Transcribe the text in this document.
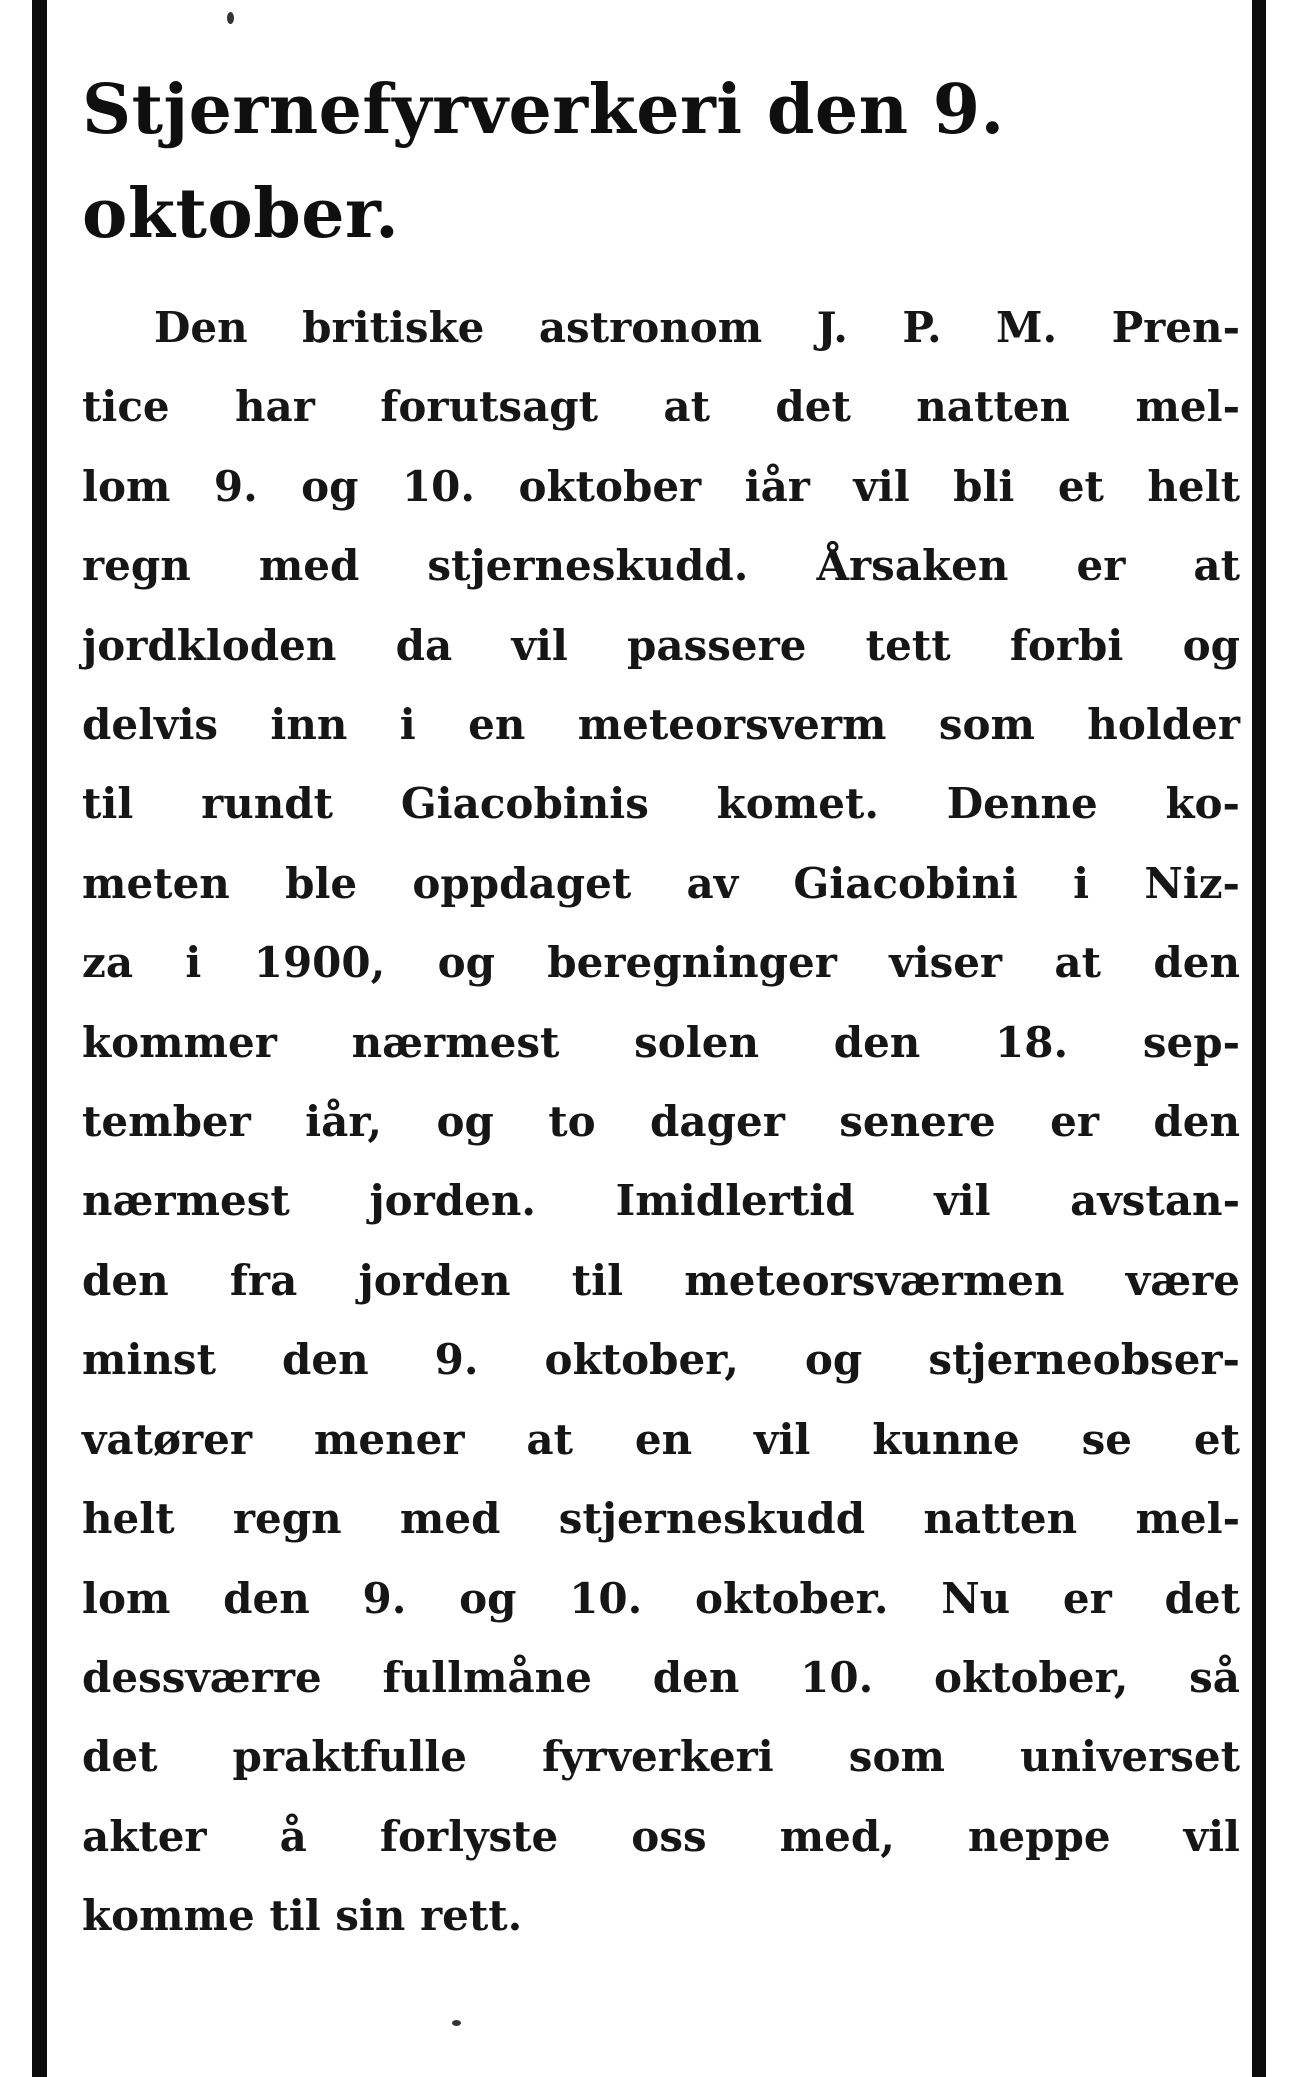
Stjernefyrverkeri den 9.
oktober.
Den britiske astronom J. P. M. Pren-
tice har forutsagt at det natten mel-
lom 9. og 10. oktober iår vil bli et helt
regn med stjerneskudd. Årsaken er at
jordkloden da vil passere tett forbi og
delvis inn i en meteorsverm som holder
til rundt Giacobinis komet. Denne ko-
meten ble oppdaget av Giacobini i Niz-
za i 1900, og beregninger viser at den
kommer nærmest solen den 18. sep-
tember iår, og to dager senere er den
nærmest jorden. Imidlertid vil avstan-
den fra jorden til meteorsværmen være
minst den 9. oktober, og stjerneobser-
vatører mener at en vil kunne se et
helt regn med stjerneskudd natten mel-
lom den 9. og 10. oktober. Nu er det
dessværre fullmåne den 10. oktober, så
det praktfulle fyrverkeri som universet
akter å forlyste oss med, neppe vil
komme til sin rett.
